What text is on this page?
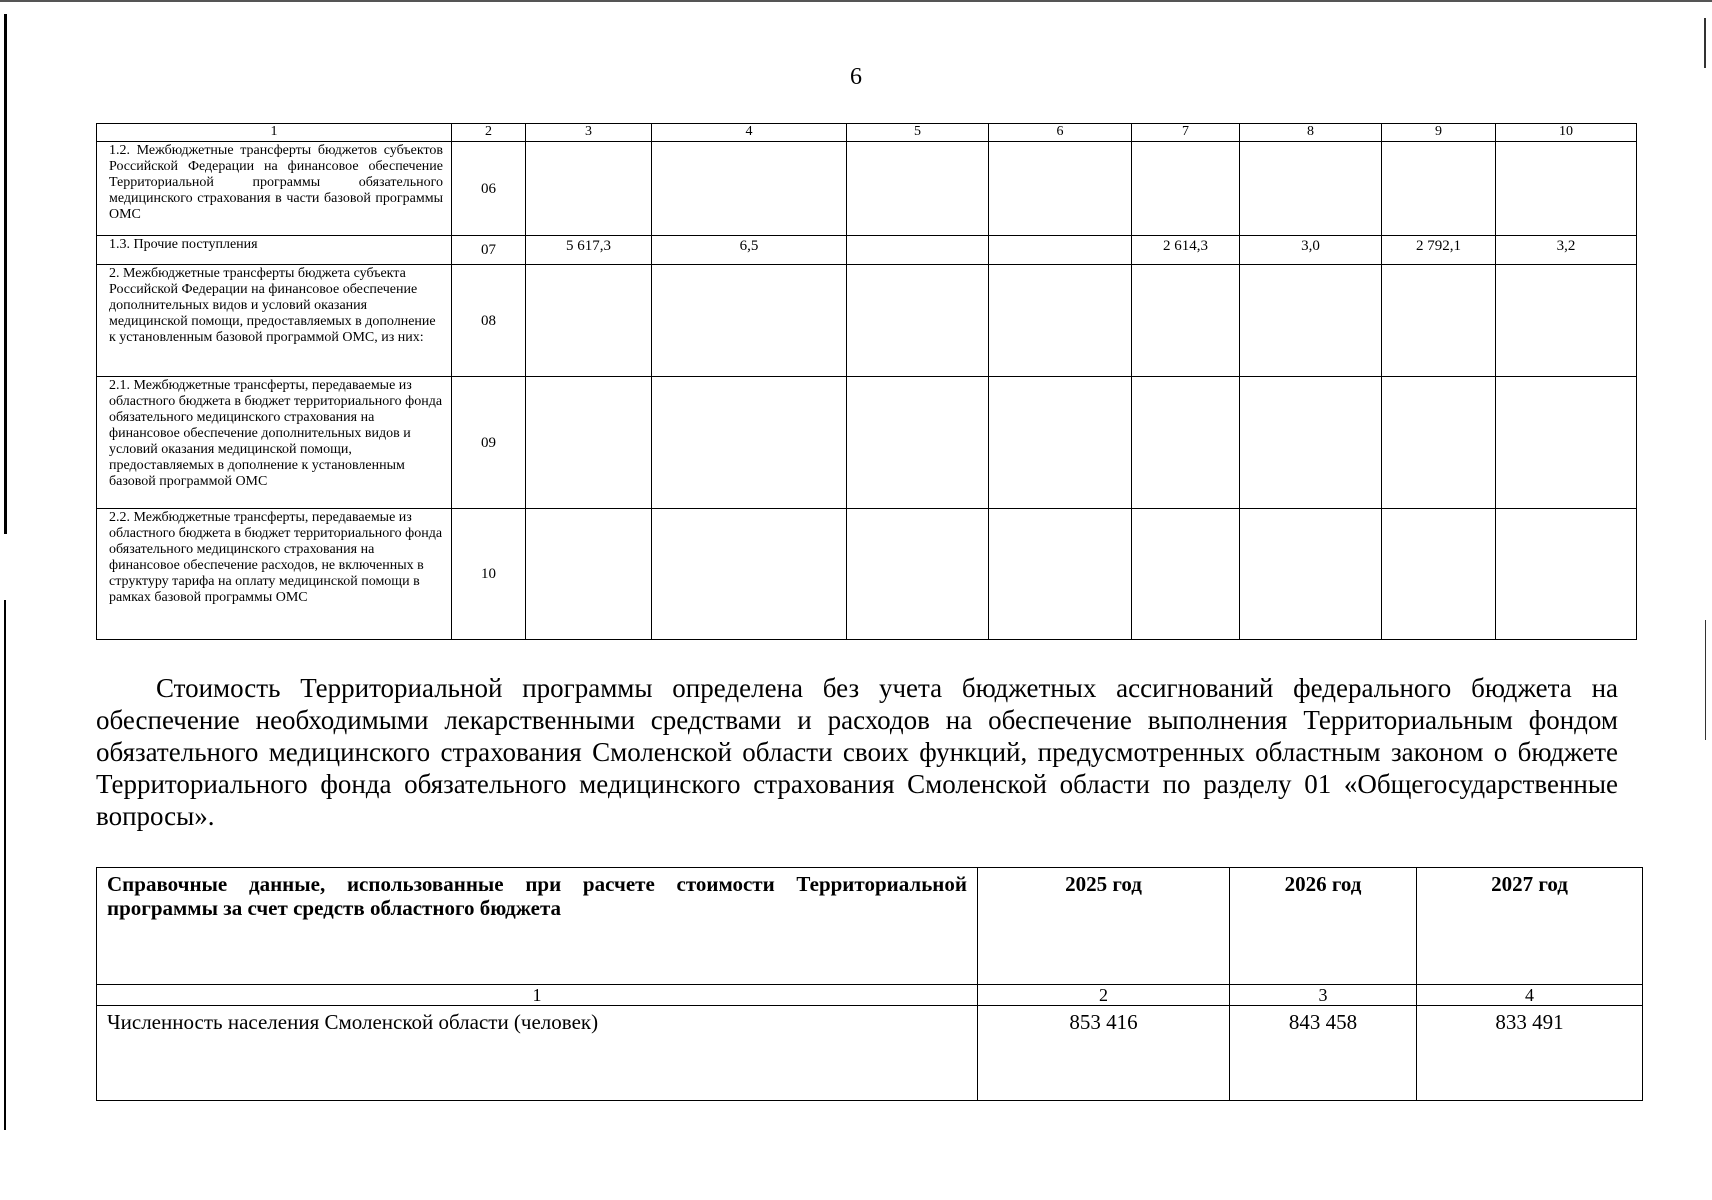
6
1	2	3	4	5	6	7	8	9	10
1.2. Межбюджетные трансферты бюджетов субъектов Российской Федерации на финансовое обеспечение Территориальной программы обязательного медицинского страхования в части базовой программы ОМС	06								
1.3. Прочие поступления	07	5 617,3	6,5			2 614,3	3,0	2 792,1	3,2
2. Межбюджетные трансферты бюджета субъекта Российской Федерации на финансовое обеспечение дополнительных видов и условий оказания медицинской помощи, предоставляемых в дополнение к установленным базовой программой ОМС, из них:	08								
2.1. Межбюджетные трансферты, передаваемые из областного бюджета в бюджет территориального фонда обязательного медицинского страхования на финансовое обеспечение дополнительных видов и условий оказания медицинской помощи, предоставляемых в дополнение к установленным базовой программой ОМС	09								
2.2. Межбюджетные трансферты, передаваемые из областного бюджета в бюджет территориального фонда обязательного медицинского страхования на финансовое обеспечение расходов, не включенных в структуру тарифа на оплату медицинской помощи в рамках базовой программы ОМС	10								
Стоимость Территориальной программы определена без учета бюджетных ассигнований федерального бюджета на обеспечение необходимыми лекарственными средствами и расходов на обеспечение выполнения Территориальным фондом обязательного медицинского страхования Смоленской области своих функций, предусмотренных областным законом о бюджете Территориального фонда обязательного медицинского страхования Смоленской области по разделу 01 «Общегосударственные вопросы».
Справочные данные, использованные при расчете стоимости Территориальной программы за счет средств областного бюджета	2025 год	2026 год	2027 год
1	2	3	4
Численность населения Смоленской области (человек)	853 416	843 458	833 491
